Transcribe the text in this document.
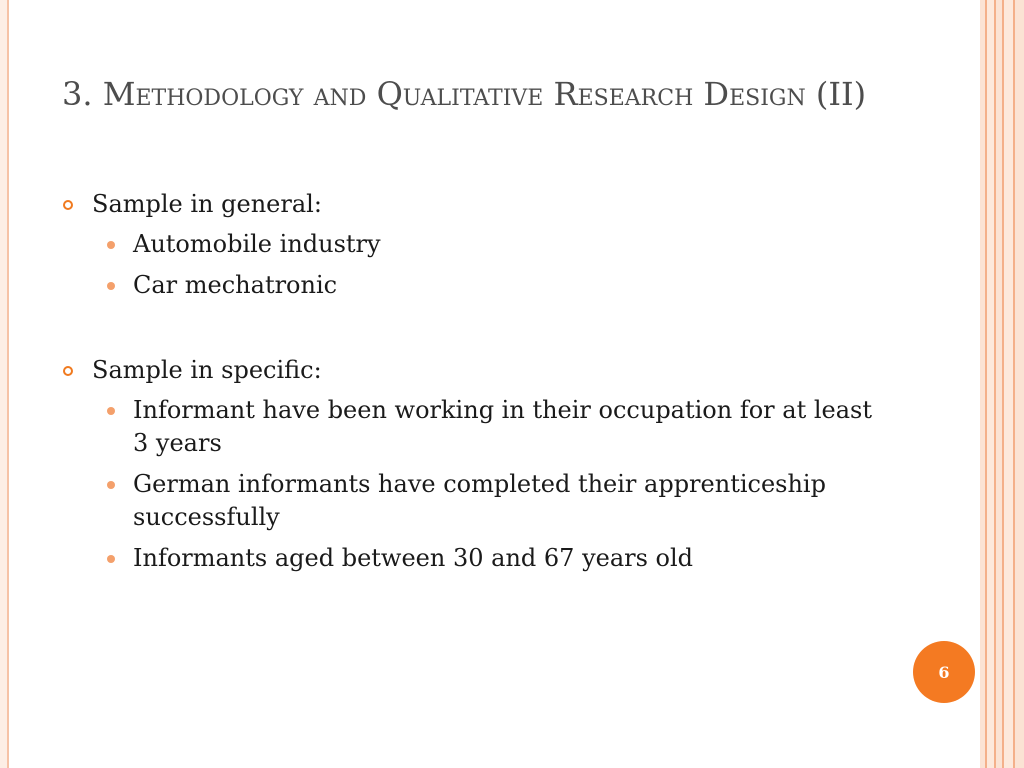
3. Methodology and Qualitative Research Design (II)
Sample in general:
Automobile industry
Car mechatronic
Sample in specific:
Informant have been working in their occupation for at least 3 years
German informants have completed their apprenticeship successfully
Informants aged between 30 and 67 years old
6
